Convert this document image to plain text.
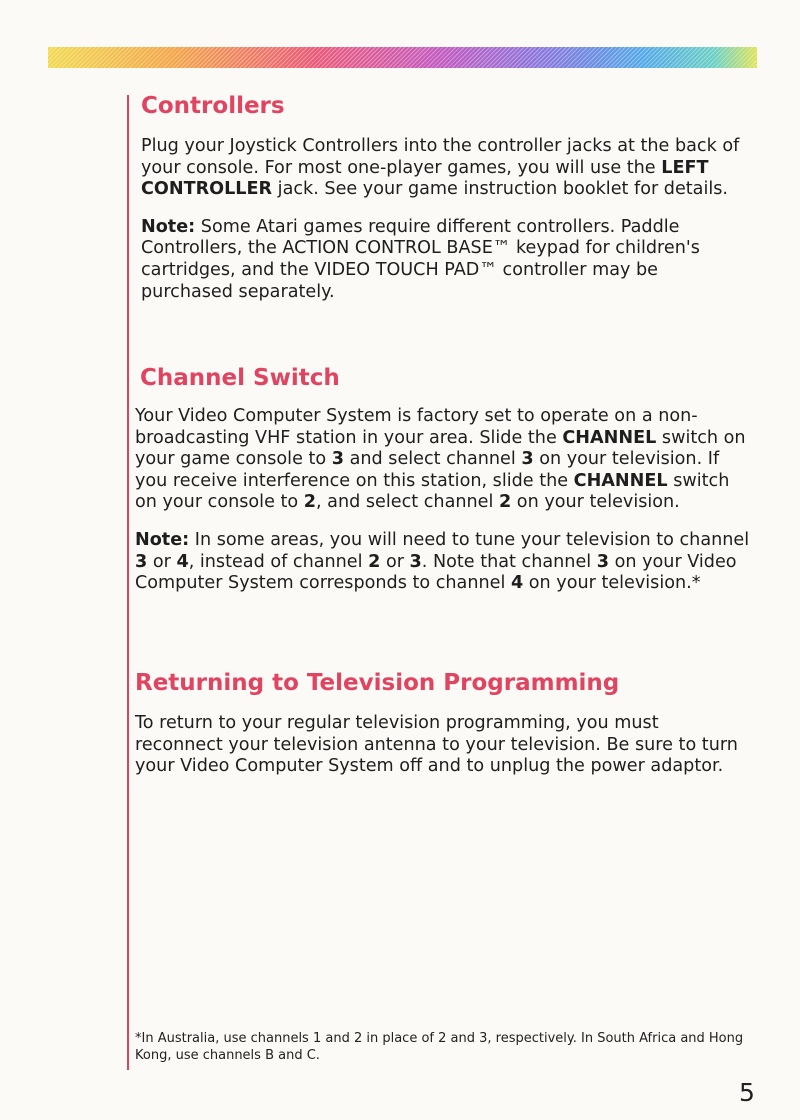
Controllers

Plug your Joystick Controllers into the controller jacks at the back of your console. For most one-player games, you will use the LEFT CONTROLLER jack. See your game instruction booklet for details.

Note: Some Atari games require different controllers. Paddle Controllers, the ACTION CONTROL BASE™ keypad for children's cartridges, and the VIDEO TOUCH PAD™ controller may be purchased separately.

Channel Switch

Your Video Computer System is factory set to operate on a non-broadcasting VHF station in your area. Slide the CHANNEL switch on your game console to 3 and select channel 3 on your television. If you receive interference on this station, slide the CHANNEL switch on your console to 2, and select channel 2 on your television.

Note: In some areas, you will need to tune your television to channel 3 or 4, instead of channel 2 or 3. Note that channel 3 on your Video Computer System corresponds to channel 4 on your television.*

Returning to Television Programming

To return to your regular television programming, you must reconnect your television antenna to your television. Be sure to turn your Video Computer System off and to unplug the power adaptor.

*In Australia, use channels 1 and 2 in place of 2 and 3, respectively. In South Africa and Hong Kong, use channels B and C.

5
